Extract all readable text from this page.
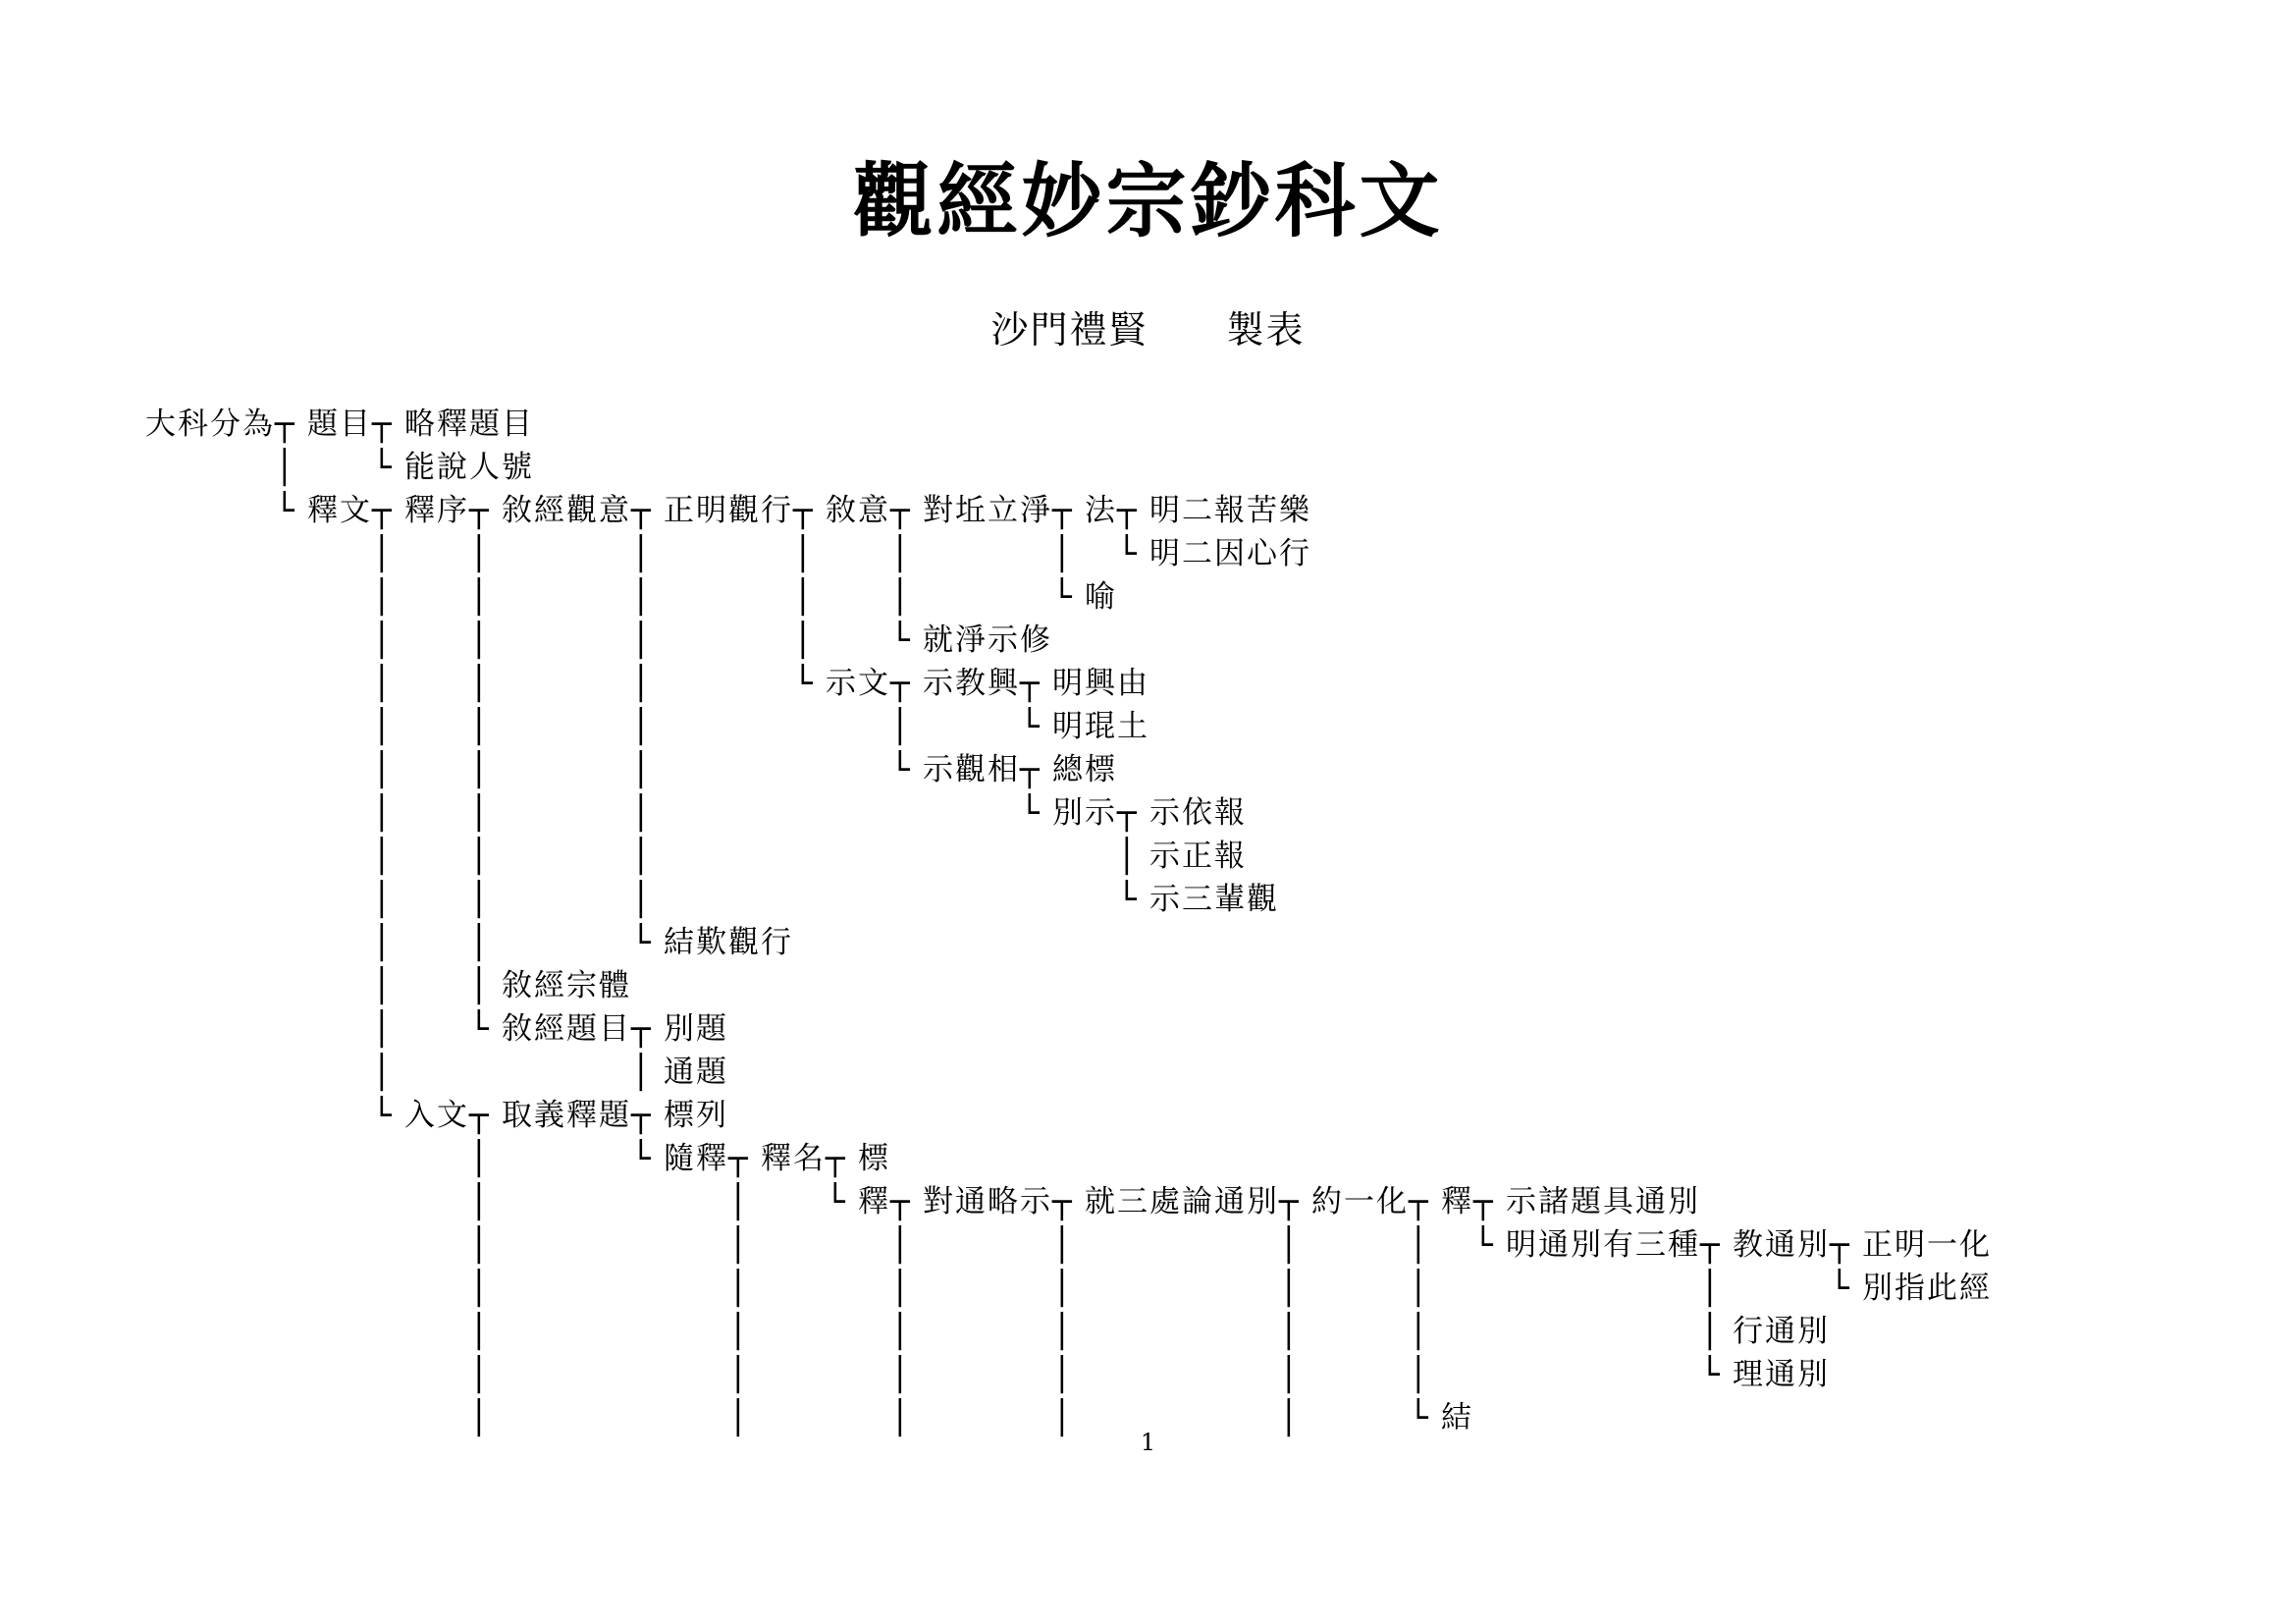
觀經妙宗鈔科文
沙門禮賢　　製表
大科分為┬ 題目┬ 略釋題目
│ └ 能說人號
└ 釋文┬ 釋序┬ 敘經觀意┬ 正明觀行┬ 敘意┬ 對坵立淨┬ 法┬ 明二報苦樂
│ │	│	│ │	│ └ 明二因心行
│ │	│	│ │	└ 喻
│ │	│	│ └ 就淨示修
│ │	│	└ 示文┬ 示教興┬ 明興由
│ │	│	│	└ 明琨土
│ │	│	└ 示觀相┬ 總標
│ │	│	└ 別示┬ 示依報
│ │	│	│ 示正報
│ │	│	└ 示三輩觀
│ │	└ 結歎觀行
│ │ 敘經宗體
│ └ 敘經題目┬ 別題
│	│ 通題
└ 入文┬ 取義釋題┬ 標列
│	└ 隨釋┬ 釋名┬ 標
│	│ └ 釋┬ 對通略示┬ 就三處論通別┬ 約一化┬ 釋┬ 示諸題具通別
│	│	│	│	│	│ └ 明通別有三種┬ 教通別┬ 正明一化
│	│	│	│	│	│	│	└ 別指此經
│	│	│	│	│	│	│ 行通別
│	│	│	│	│	│	└ 理通別
│	│	│	│	│	└ 結
1
